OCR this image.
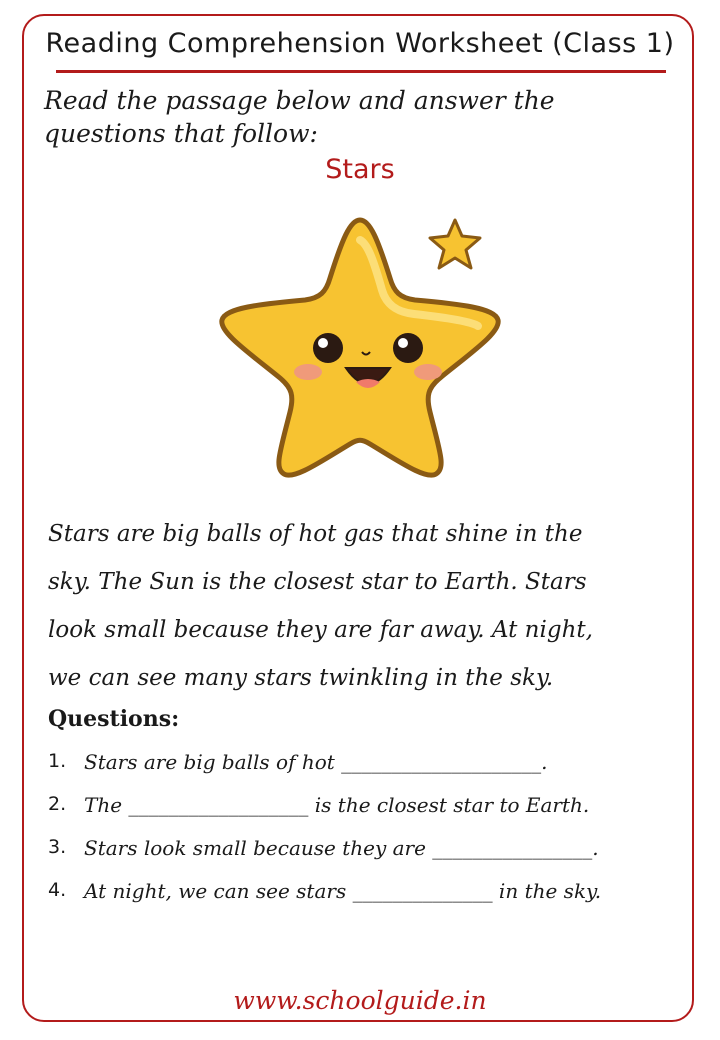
Reading Comprehension Worksheet (Class 1)
Read the passage below and answer the questions that follow:
Stars
Stars are big balls of hot gas that shine in the
sky. The Sun is the closest star to Earth. Stars
look small because they are far away. At night,
we can see many stars twinkling in the sky.
Questions:
1. Stars are big balls of hot ____________________.
2. The __________________ is the closest star to Earth.
3. Stars look small because they are ________________.
4. At night, we can see stars ______________ in the sky.
www.schoolguide.in
